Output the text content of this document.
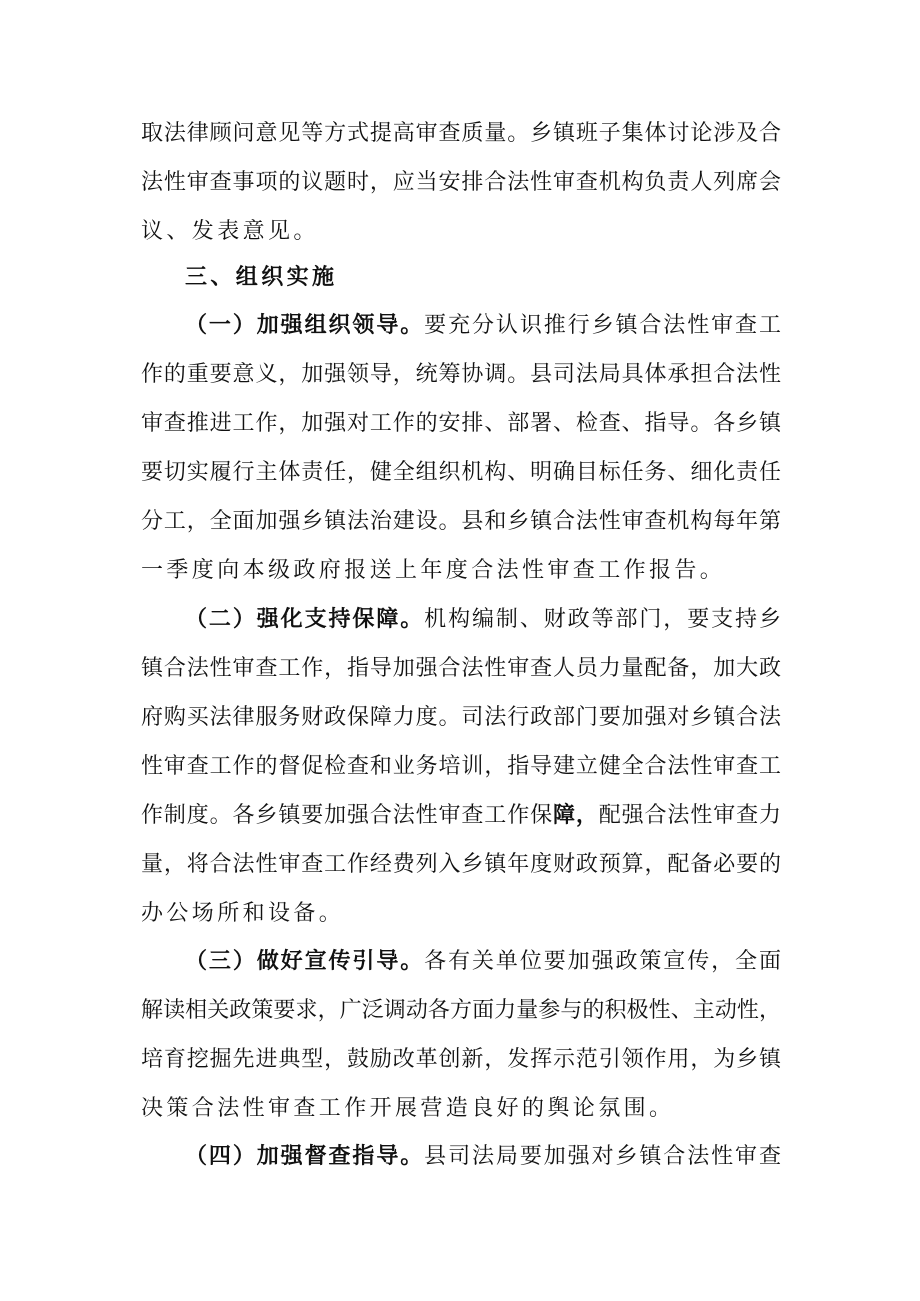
取法律顾问意见等方式提高审查质量。乡镇班子集体讨论涉及合
法性审查事项的议题时，应当安排合法性审查机构负责人列席会
议、发表意见。
三、组织实施
（一）加强组织领导。要充分认识推行乡镇合法性审查工
作的重要意义，加强领导，统筹协调。县司法局具体承担合法性
审查推进工作，加强对工作的安排、部署、检查、指导。各乡镇
要切实履行主体责任，健全组织机构、明确目标任务、细化责任
分工，全面加强乡镇法治建设。县和乡镇合法性审查机构每年第
一季度向本级政府报送上年度合法性审查工作报告。
（二）强化支持保障。机构编制、财政等部门，要支持乡
镇合法性审查工作，指导加强合法性审查人员力量配备，加大政
府购买法律服务财政保障力度。司法行政部门要加强对乡镇合法
性审查工作的督促检查和业务培训，指导建立健全合法性审查工
作制度。各乡镇要加强合法性审查工作保障，配强合法性审查力
量，将合法性审查工作经费列入乡镇年度财政预算，配备必要的
办公场所和设备。
（三）做好宣传引导。各有关单位要加强政策宣传，全面
解读相关政策要求，广泛调动各方面力量参与的积极性、主动性，
培育挖掘先进典型，鼓励改革创新，发挥示范引领作用，为乡镇
决策合法性审查工作开展营造良好的舆论氛围。
（四）加强督查指导。县司法局要加强对乡镇合法性审查
